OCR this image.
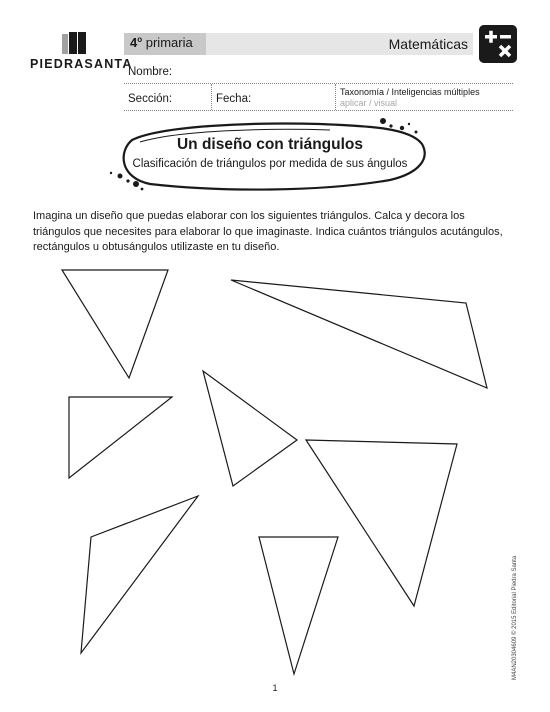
PIEDRASANTA
4$^o$ primaria	Matemáticas
Nombre:
Sección:	Fecha:
Taxonomía / Inteligencias múltiples
aplicar / visual
Un diseño con triángulos
Clasificación de triángulos por medida de sus ángulos
Imagina un diseño que puedas elaborar con los siguientes triángulos. Calca y decora los triángulos que necesites para elaborar lo que imaginaste. Indica cuántos triángulos acutángulos, rectángulos u obtusángulos utilizaste en tu diseño.
1
M4AN20304609 © 2015 Editorial Piedra Santa
